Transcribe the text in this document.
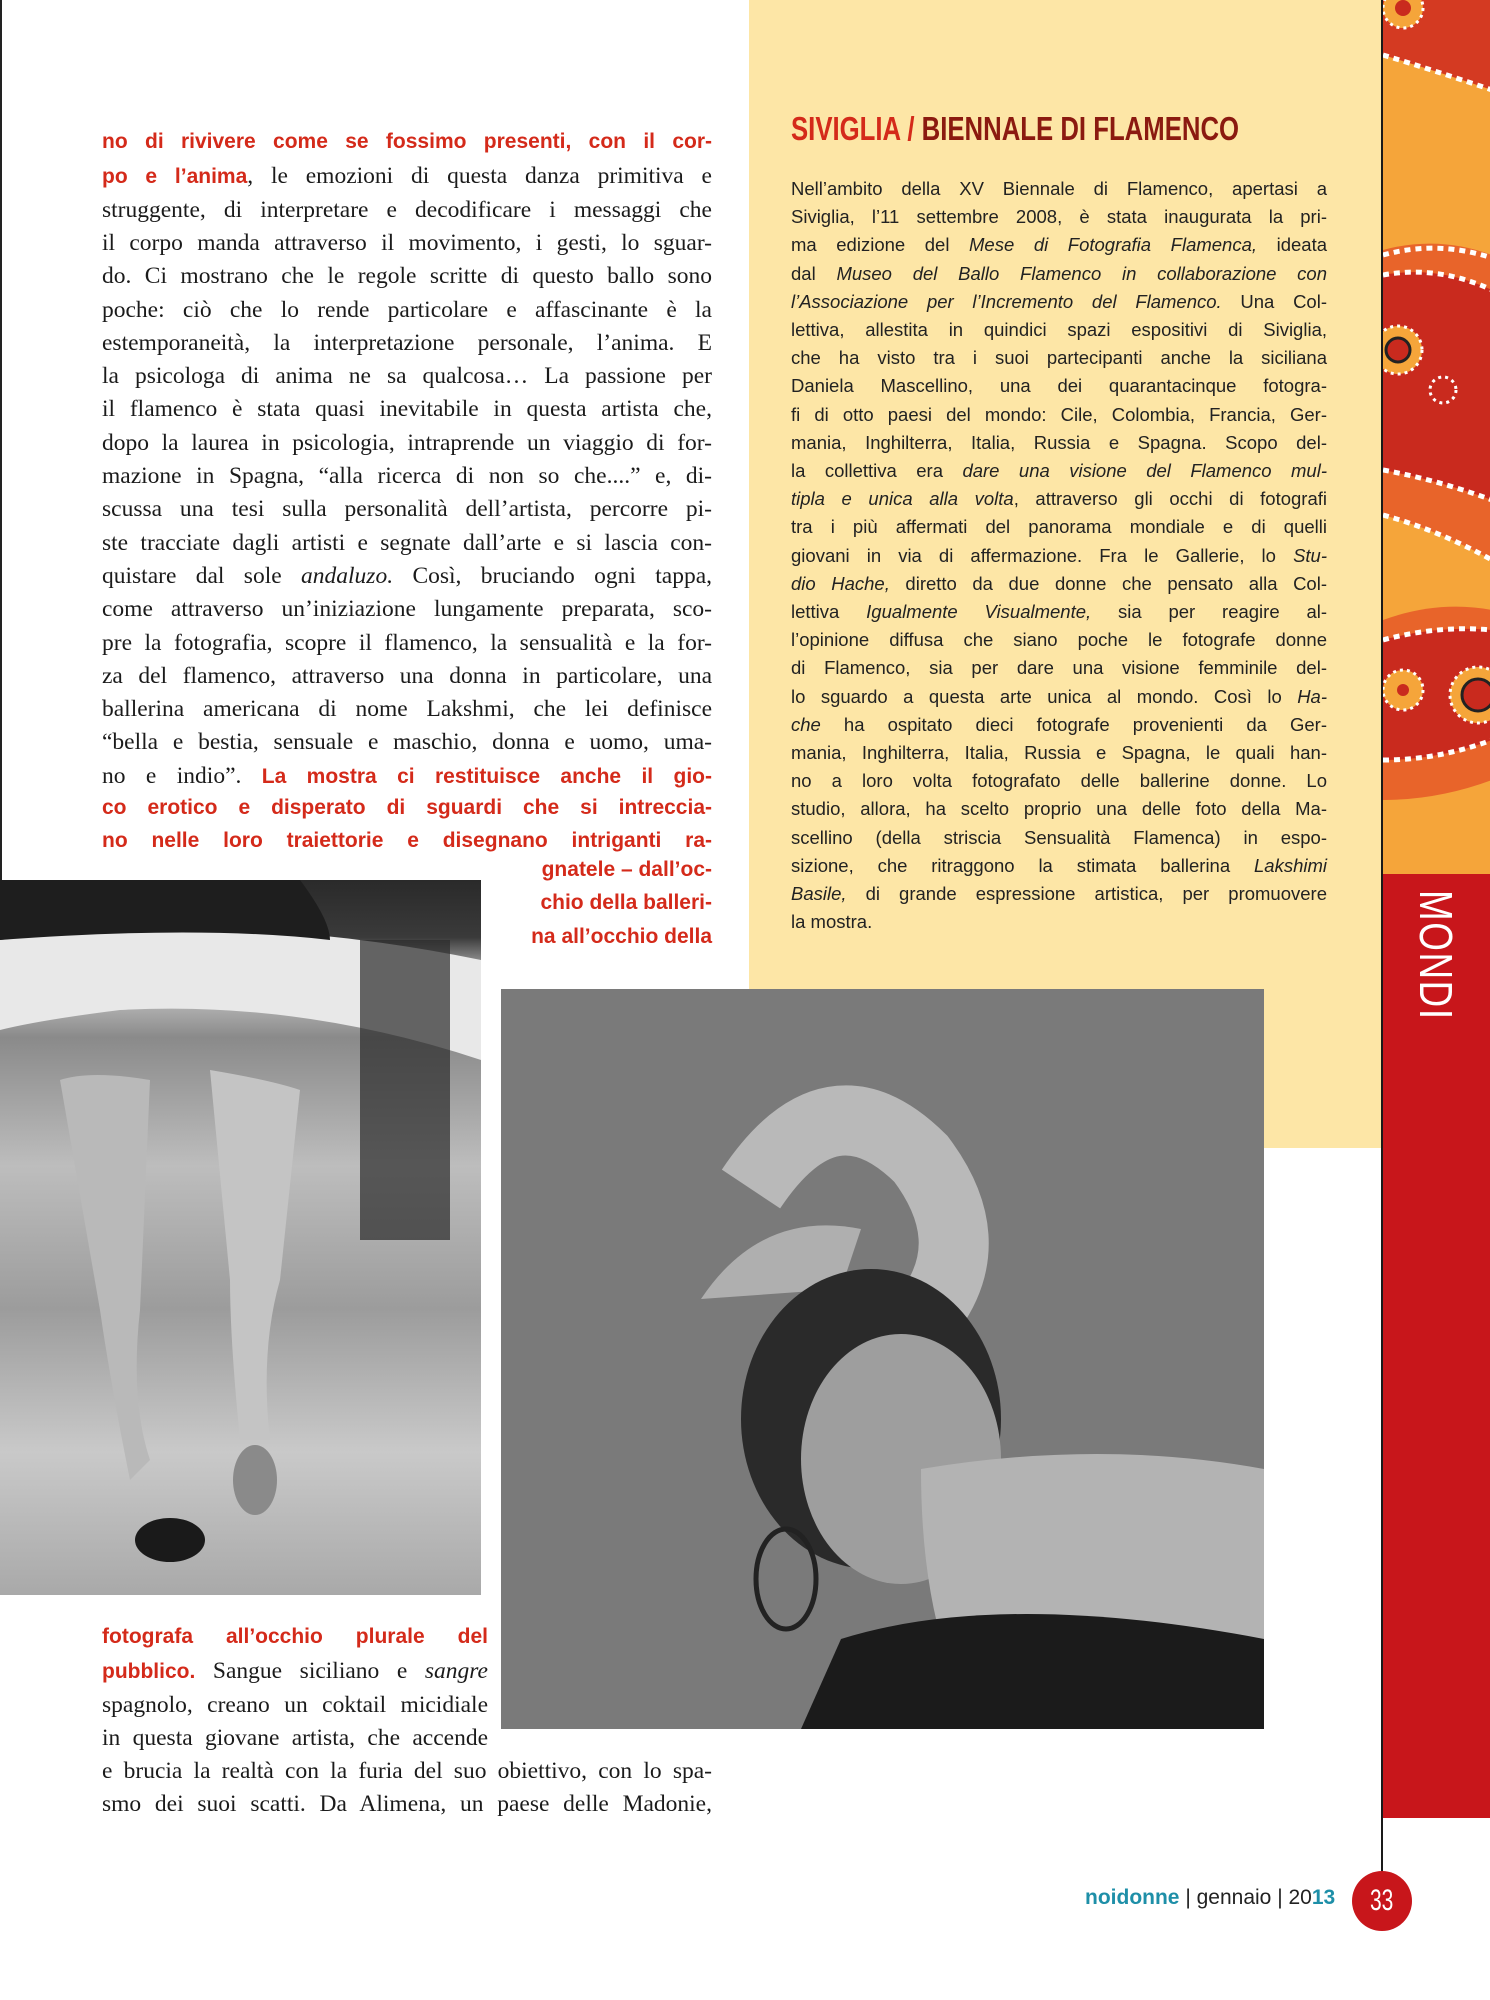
MONDI
no di rivivere come se fossimo presenti, con il cor-
po e l’anima, le emozioni di questa danza primitiva e
struggente, di interpretare e decodificare i messaggi che
il corpo manda attraverso il movimento, i gesti, lo sguar-
do. Ci mostrano che le regole scritte di questo ballo sono
poche: ciò che lo rende particolare e affascinante è la
estemporaneità, la interpretazione personale, l’anima. E
la psicologa di anima ne sa qualcosa… La passione per
il flamenco è stata quasi inevitabile in questa artista che,
dopo la laurea in psicologia, intraprende un viaggio di for-
mazione in Spagna, “alla ricerca di non so che....” e, di-
scussa una tesi sulla personalità dell’artista, percorre pi-
ste tracciate dagli artisti e segnate dall’arte e si lascia con-
quistare dal sole andaluzo. Così, bruciando ogni tappa,
come attraverso un’iniziazione lungamente preparata, sco-
pre la fotografia, scopre il flamenco, la sensualità e la for-
za del flamenco, attraverso una donna in particolare, una
ballerina americana di nome Lakshmi, che lei definisce
“bella e bestia, sensuale e maschio, donna e uomo, uma-
no e indio”. La mostra ci restituisce anche il gio-
co erotico e disperato di sguardi che si intreccia-
no nelle loro traiettorie e disegnano intriganti ra-
gnatele – dall’oc-
chio della balleri-
na all’occhio della
fotografa all’occhio plurale del
pubblico. Sangue siciliano e sangre
spagnolo, creano un coktail micidiale
in questa giovane artista, che accende
e brucia la realtà con la furia del suo obiettivo, con lo spa-
smo dei suoi scatti. Da Alimena, un paese delle Madonie,
SIVIGLIA / BIENNALE DI FLAMENCO
Nell’ambito della XV Biennale di Flamenco, apertasi a
Siviglia, l’11 settembre 2008, è stata inaugurata la pri-
ma edizione del Mese di Fotografia Flamenca, ideata
dal Museo del Ballo Flamenco in collaborazione con
l’Associazione per l’Incremento del Flamenco. Una Col-
lettiva, allestita in quindici spazi espositivi di Siviglia,
che ha visto tra i suoi partecipanti anche la siciliana
Daniela Mascellino, una dei quarantacinque fotogra-
fi di otto paesi del mondo: Cile, Colombia, Francia, Ger-
mania, Inghilterra, Italia, Russia e Spagna. Scopo del-
la collettiva era dare una visione del Flamenco mul-
tipla e unica alla volta, attraverso gli occhi di fotografi
tra i più affermati del panorama mondiale e di quelli
giovani in via di affermazione. Fra le Gallerie, lo Stu-
dio Hache, diretto da due donne che pensato alla Col-
lettiva Igualmente Visualmente, sia per reagire al-
l’opinione diffusa che siano poche le fotografe donne
di Flamenco, sia per dare una visione femminile del-
lo sguardo a questa arte unica al mondo. Così lo Ha-
che ha ospitato dieci fotografe provenienti da Ger-
mania, Inghilterra, Italia, Russia e Spagna, le quali han-
no a loro volta fotografato delle ballerine donne. Lo
studio, allora, ha scelto proprio una delle foto della Ma-
scellino (della striscia Sensualità Flamenca) in espo-
sizione, che ritraggono la stimata ballerina Lakshimi
Basile, di grande espressione artistica, per promuovere
la mostra.
noidonne | gennaio | 2013	33
